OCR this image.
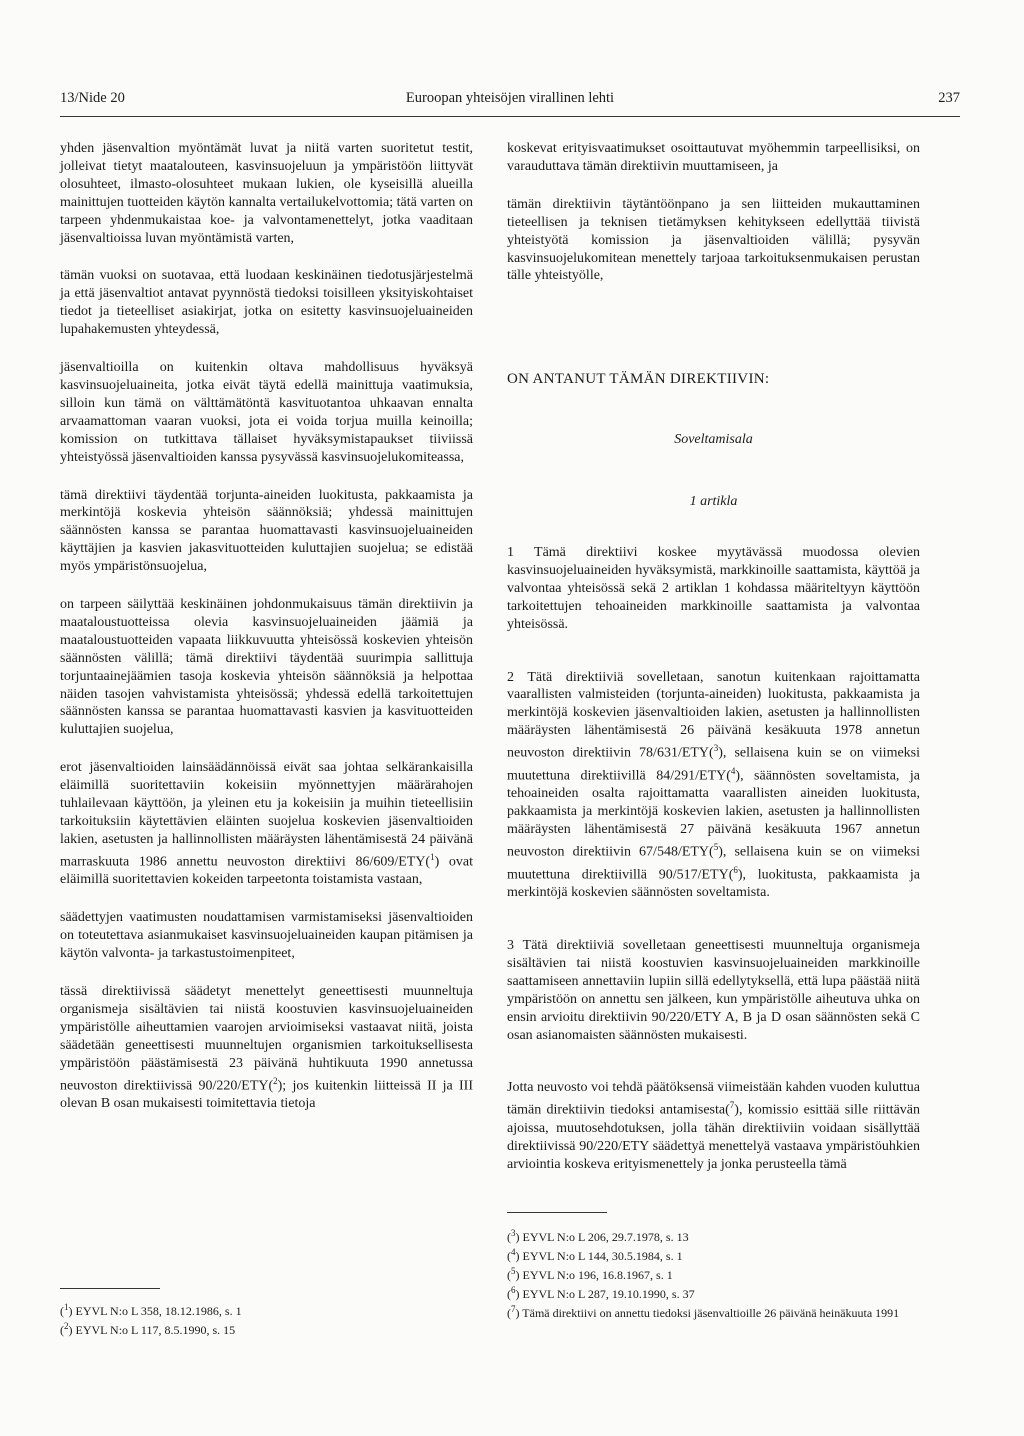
Euroopan yhteisöjen virallinen lehti
13/Nide 20	237

yhden jäsenvaltion myöntämät luvat ja niitä varten suoritetut testit, jolleivat tietyt maatalouteen, kasvinsuojeluun ja ympäristöön liittyvät olosuhteet, ilmasto-olosuhteet mukaan lukien, ole kyseisillä alueilla mainittujen tuotteiden käytön kannalta vertailukelvottomia; tätä varten on tarpeen yhdenmukaistaa koe- ja valvontamenettelyt, jotka vaaditaan jäsenvaltioissa luvan myöntämistä varten,

tämän vuoksi on suotavaa, että luodaan keskinäinen tiedotusjärjestelmä ja että jäsenvaltiot antavat pyynnöstä tiedoksi toisilleen yksityiskohtaiset tiedot ja tieteelliset asiakirjat, jotka on esitetty kasvinsuojeluaineiden lupahakemusten yhteydessä,

jäsenvaltioilla on kuitenkin oltava mahdollisuus hyväksyä kasvinsuojeluaineita, jotka eivät täytä edellä mainittuja vaatimuksia, silloin kun tämä on välttämätöntä kasvituotantoa uhkaavan ennalta arvaamattoman vaaran vuoksi, jota ei voida torjua muilla keinoilla; komission on tutkittava tällaiset hyväksymistapaukset tiiviissä yhteistyössä jäsenvaltioiden kanssa pysyvässä kasvinsuojelukomiteassa,

tämä direktiivi täydentää torjunta-aineiden luokitusta, pakkaamista ja merkintöjä koskevia yhteisön säännöksiä; yhdessä mainittujen säännösten kanssa se parantaa huomattavasti kasvinsuojeluaineiden käyttäjien ja kasvien jakasvituotteiden kuluttajien suojelua; se edistää myös ympäristönsuojelua,

on tarpeen säilyttää keskinäinen johdonmukaisuus tämän direktiivin ja maataloustuotteissa olevia kasvinsuojeluaineiden jäämiä ja maataloustuotteiden vapaata liikkuvuutta yhteisössä koskevien yhteisön säännösten välillä; tämä direktiivi täydentää suurimpia sallittuja torjuntaainejäämien tasoja koskevia yhteisön säännöksiä ja helpottaa näiden tasojen vahvistamista yhteisössä; yhdessä edellä tarkoitettujen säännösten kanssa se parantaa huomattavasti kasvien ja kasvituotteiden kuluttajien suojelua,

erot jäsenvaltioiden lainsäädännöissä eivät saa johtaa selkärankaisilla eläimillä suoritettaviin kokeisiin myönnettyjen määrärahojen tuhlailevaan käyttöön, ja yleinen etu ja kokeisiin ja muihin tieteellisiin tarkoituksiin käytettävien eläinten suojelua koskevien jäsenvaltioiden lakien, asetusten ja hallinnollisten määräysten lähentämisestä 24 päivänä marraskuuta 1986 annettu neuvoston direktiivi 86/609/ETY($^1$) ovat eläimillä suoritettavien kokeiden tarpeetonta toistamista vastaan,

säädettyjen vaatimusten noudattamisen varmistamiseksi jäsenvaltioiden on toteutettava asianmukaiset kasvinsuojeluaineiden kaupan pitämisen ja käytön valvonta- ja tarkastustoimenpiteet,

tässä direktiivissä säädetyt menettelyt geneettisesti muunneltuja organismeja sisältävien tai niistä koostuvien kasvinsuojeluaineiden ympäristölle aiheuttamien vaarojen arvioimiseksi vastaavat niitä, joista säädetään geneettisesti muunneltujen organismien tarkoituksellisesta ympäristöön päästämisestä 23 päivänä huhtikuuta 1990 annetussa neuvoston direktiivissä 90/220/ETY($^2$); jos kuitenkin liitteissä II ja III olevan B osan mukaisesti toimitettavia tietoja

($^1$) EYVL N:o L 358, 18.12.1986, s. 1
($^2$) EYVL N:o L 117, 8.5.1990, s. 15

koskevat erityisvaatimukset osoittautuvat myöhemmin tarpeellisiksi, on varauduttava tämän direktiivin muuttamiseen, ja

tämän direktiivin täytäntöönpano ja sen liitteiden mukauttaminen tieteellisen ja teknisen tietämyksen kehitykseen edellyttää tiivistä yhteistyötä komission ja jäsenvaltioiden välillä; pysyvän kasvinsuojelukomitean menettely tarjoaa tarkoituksenmukaisen perustan tälle yhteistyölle,

ON ANTANUT TÄMÄN DIREKTIIVIN:
Soveltamisala
1 artikla

1 Tämä direktiivi koskee myytävässä muodossa olevien kasvinsuojeluaineiden hyväksymistä, markkinoille saattamista, käyttöä ja valvontaa yhteisössä sekä 2 artiklan 1 kohdassa määriteltyyn käyttöön tarkoitettujen tehoaineiden markkinoille saattamista ja valvontaa yhteisössä.

2 Tätä direktiiviä sovelletaan, sanotun kuitenkaan rajoittamatta vaarallisten valmisteiden (torjunta-aineiden) luokitusta, pakkaamista ja merkintöjä koskevien jäsenvaltioiden lakien, asetusten ja hallinnollisten määräysten lähentämisestä 26 päivänä kesäkuuta 1978 annetun neuvoston direktiivin 78/631/ETY($^3$), sellaisena kuin se on viimeksi muutettuna direktiivillä 84/291/ETY($^4$), säännösten soveltamista, ja tehoaineiden osalta rajoittamatta vaarallisten aineiden luokitusta, pakkaamista ja merkintöjä koskevien lakien, asetusten ja hallinnollisten määräysten lähentämisestä 27 päivänä kesäkuuta 1967 annetun neuvoston direktiivin 67/548/ETY($^5$), sellaisena kuin se on viimeksi muutettuna direktiivillä 90/517/ETY($^6$), luokitusta, pakkaamista ja merkintöjä koskevien säännösten soveltamista.

3 Tätä direktiiviä sovelletaan geneettisesti muunneltuja organismeja sisältävien tai niistä koostuvien kasvinsuojeluaineiden markkinoille saattamiseen annettaviin lupiin sillä edellytyksellä, että lupa päästää niitä ympäristöön on annettu sen jälkeen, kun ympäristölle aiheutuva uhka on ensin arvioitu direktiivin 90/220/ETY A, B ja D osan säännösten sekä C osan asianomaisten säännösten mukaisesti.

Jotta neuvosto voi tehdä päätöksensä viimeistään kahden vuoden kuluttua tämän direktiivin tiedoksi antamisesta($^7$), komissio esittää sille riittävän ajoissa, muutosehdotuksen, jolla tähän direktiiviin voidaan sisällyttää direktiivissä 90/220/ETY säädettyä menettelyä vastaava ympäristöuhkien arviointia koskeva erityismenettely ja jonka perusteella tämä

($^3$) EYVL N:o L 206, 29.7.1978, s. 13
($^4$) EYVL N:o L 144, 30.5.1984, s. 1
($^5$) EYVL N:o 196, 16.8.1967, s. 1
($^6$) EYVL N:o L 287, 19.10.1990, s. 37
($^7$) Tämä direktiivi on annettu tiedoksi jäsenvaltioille 26 päivänä heinäkuuta 1991
